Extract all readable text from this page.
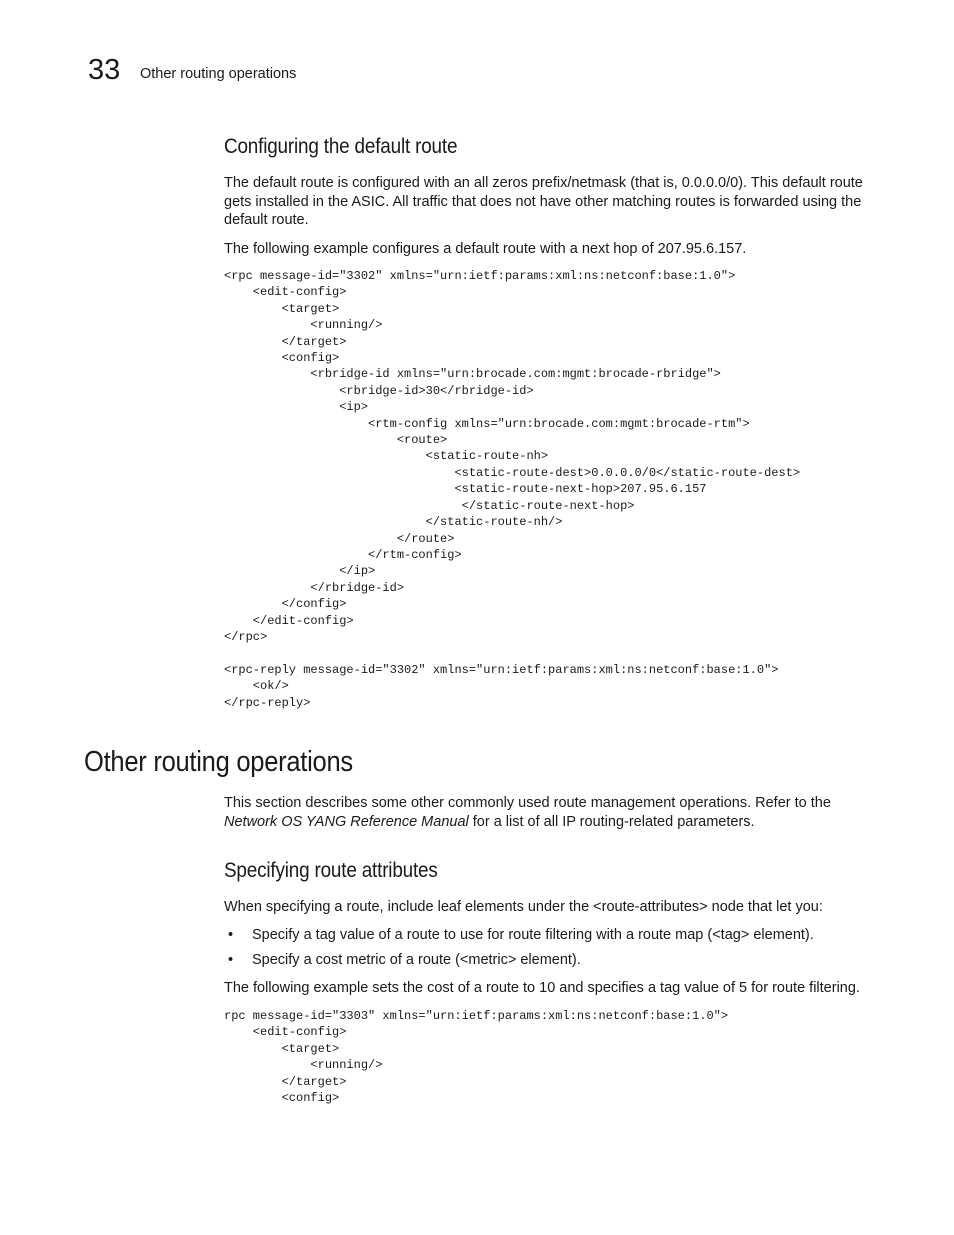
33 Other routing operations
Configuring the default route

The default route is configured with an all zeros prefix/netmask (that is, 0.0.0.0/0). This default route gets installed in the ASIC. All traffic that does not have other matching routes is forwarded using the default route.

The following example configures a default route with a next hop of 207.95.6.157.

<rpc message-id="3302" xmlns="urn:ietf:params:xml:ns:netconf:base:1.0">
<edit-config>
<target>
<running/>
</target>
<config>
<rbridge-id xmlns="urn:brocade.com:mgmt:brocade-rbridge">
<rbridge-id>30</rbridge-id>
<ip>
<rtm-config xmlns="urn:brocade.com:mgmt:brocade-rtm">
<route>
<static-route-nh>
<static-route-dest>0.0.0.0/0</static-route-dest>
<static-route-next-hop>207.95.6.157
</static-route-next-hop>
</static-route-nh/>
</route>
</rtm-config>
</ip>
</rbridge-id>
</config>
</edit-config>
</rpc>

<rpc-reply message-id="3302" xmlns="urn:ietf:params:xml:ns:netconf:base:1.0">
<ok/>
</rpc-reply>
Other routing operations

This section describes some other commonly used route management operations. Refer to the Network OS YANG Reference Manual for a list of all IP routing-related parameters.

Specifying route attributes

When specifying a route, include leaf elements under the <route-attributes> node that let you:

• Specify a tag value of a route to use for route filtering with a route map (<tag> element).
• Specify a cost metric of a route (<metric> element).

The following example sets the cost of a route to 10 and specifies a tag value of 5 for route filtering.

rpc message-id="3303" xmlns="urn:ietf:params:xml:ns:netconf:base:1.0">
<edit-config>
<target>
<running/>
</target>
<config>
